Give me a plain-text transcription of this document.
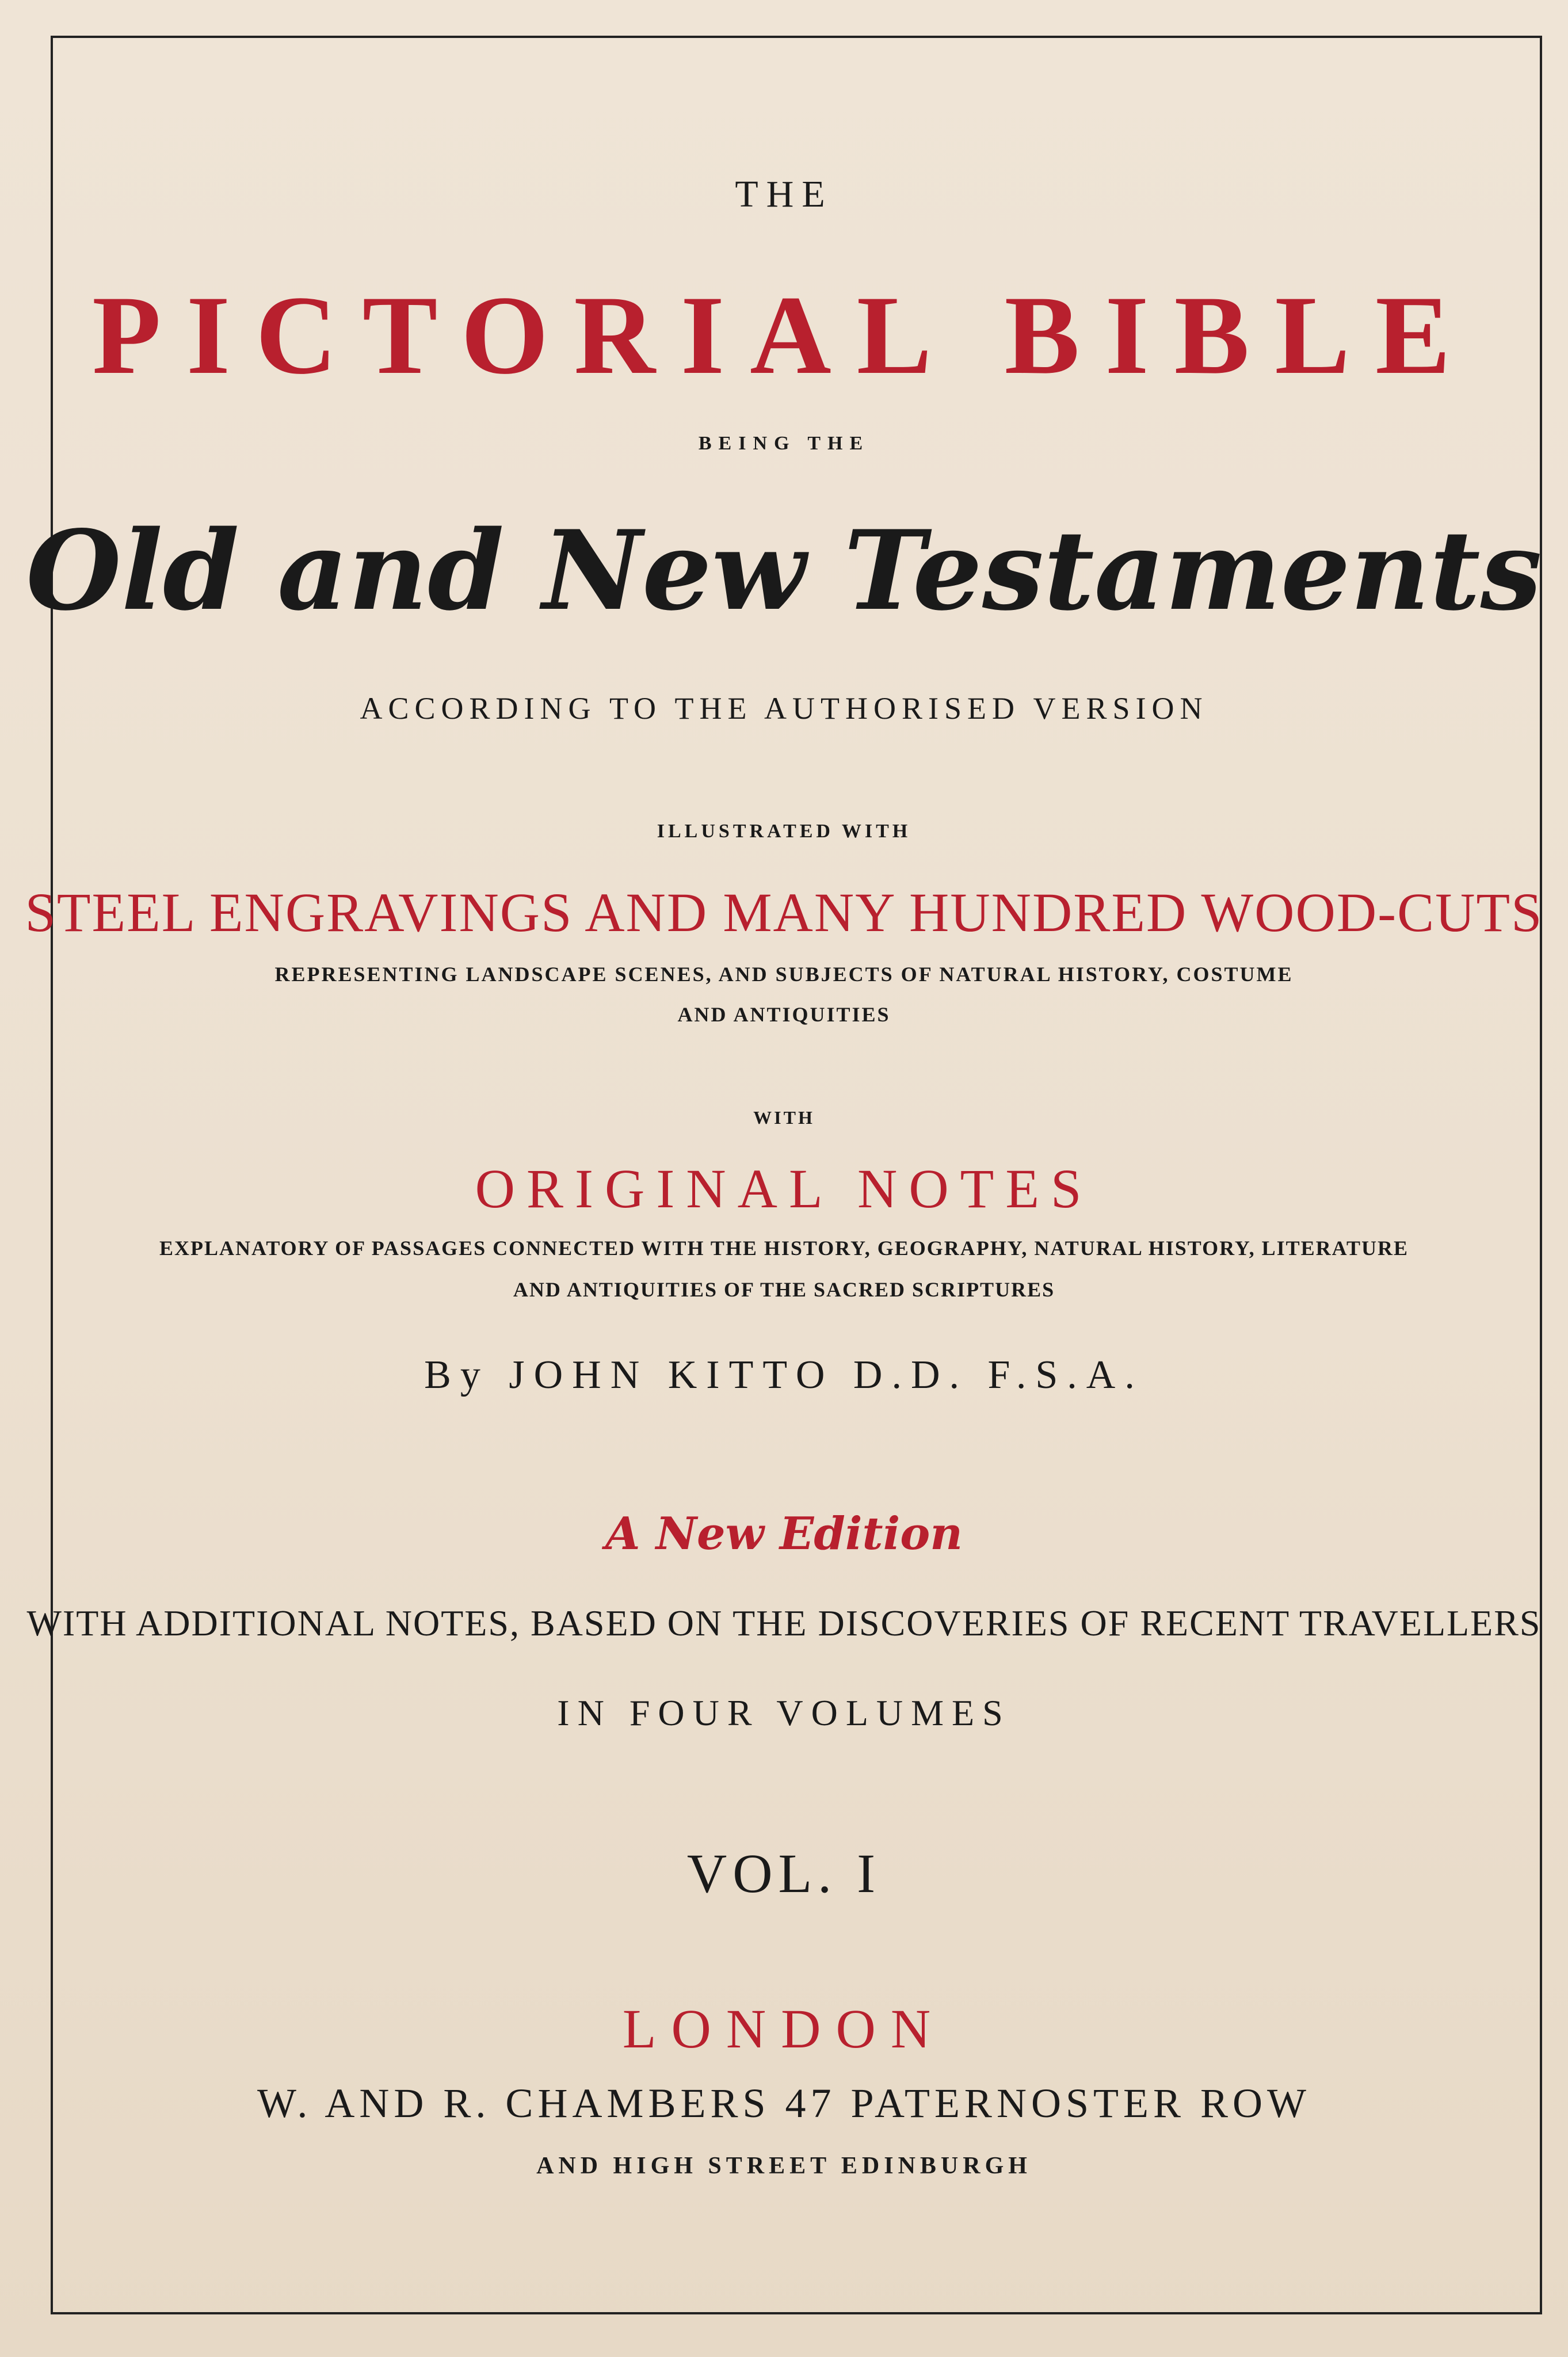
THE
PICTORIAL BIBLE
BEING THE
Old and New Testaments
ACCORDING TO THE AUTHORISED VERSION
ILLUSTRATED WITH
STEEL ENGRAVINGS AND MANY HUNDRED WOOD-CUTS
REPRESENTING LANDSCAPE SCENES, AND SUBJECTS OF NATURAL HISTORY, COSTUME
AND ANTIQUITIES
WITH
ORIGINAL NOTES
EXPLANATORY OF PASSAGES CONNECTED WITH THE HISTORY, GEOGRAPHY, NATURAL HISTORY, LITERATURE
AND ANTIQUITIES OF THE SACRED SCRIPTURES
By JOHN KITTO D.D. F.S.A.
A New Edition
WITH ADDITIONAL NOTES, BASED ON THE DISCOVERIES OF RECENT TRAVELLERS
IN FOUR VOLUMES
VOL. I
LONDON
W. AND R. CHAMBERS 47 PATERNOSTER ROW
AND HIGH STREET EDINBURGH
